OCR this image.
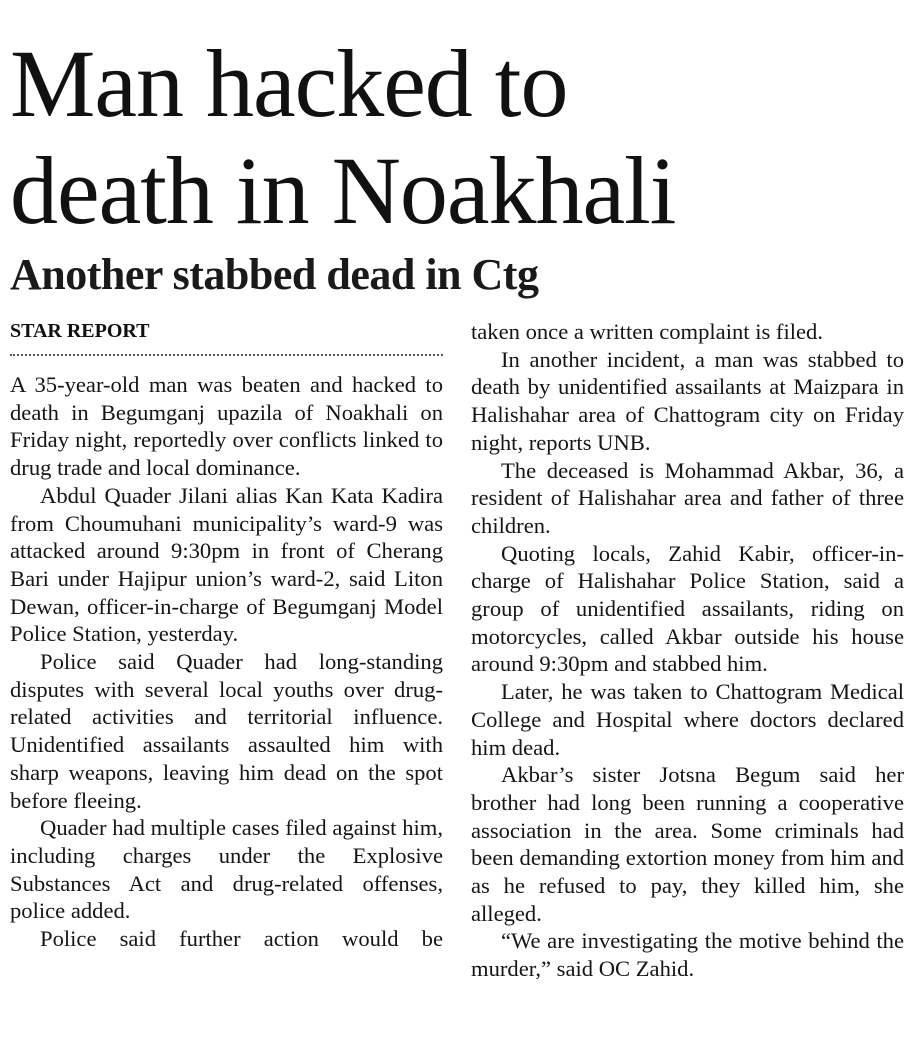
Man hacked to
death in Noakhali
Another stabbed dead in Ctg
STAR REPORT

A 35-year-old man was beaten and hacked to death in Begumganj upazila of Noakhali on Friday night, reportedly over conflicts linked to drug trade and local dominance.

Abdul Quader Jilani alias Kan Kata Kadira from Choumuhani municipality’s ward-9 was attacked around 9:30pm in front of Cherang Bari under Hajipur union’s ward-2, said Liton Dewan, officer-in-charge of Begumganj Model Police Station, yesterday.

Police said Quader had long-standing disputes with several local youths over drug-related activities and territorial influence. Unidentified assailants assaulted him with sharp weapons, leaving him dead on the spot before fleeing.

Quader had multiple cases filed against him, including charges under the Explosive Substances Act and drug-related offenses, police added.

Police said further action would be

taken once a written complaint is filed.

In another incident, a man was stabbed to death by unidentified assailants at Maizpara in Halishahar area of Chattogram city on Friday night, reports UNB.

The deceased is Mohammad Akbar, 36, a resident of Halishahar area and father of three children.

Quoting locals, Zahid Kabir, officer-in-charge of Halishahar Police Station, said a group of unidentified assailants, riding on motorcycles, called Akbar outside his house around 9:30pm and stabbed him.

Later, he was taken to Chattogram Medical College and Hospital where doctors declared him dead.

Akbar’s sister Jotsna Begum said her brother had long been running a cooperative association in the area. Some criminals had been demanding extortion money from him and as he refused to pay, they killed him, she alleged.

“We are investigating the motive behind the murder,” said OC Zahid.
